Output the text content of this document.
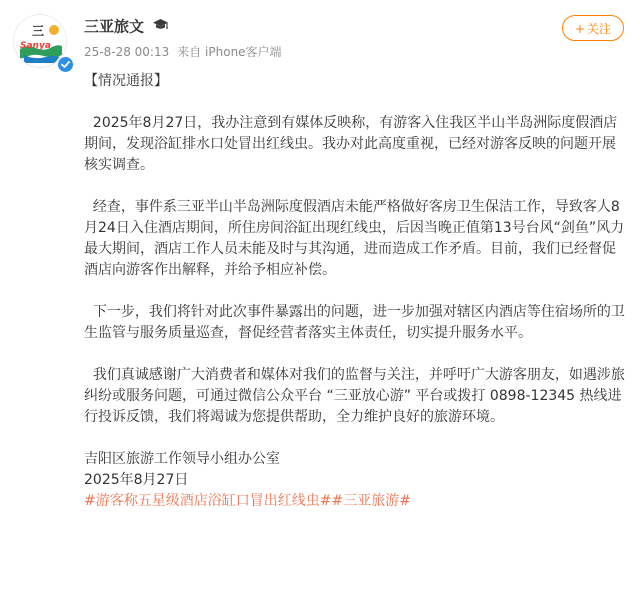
Sanya
三	三亚旅文
25-8-28 00:13 来自 iPhone客户端
+ 关注

【情况通报】

2025年8月27日，我办注意到有媒体反映称，有游客入住我区半山半岛洲际度假酒店期间，发现浴缸排水口处冒出红线虫。我办对此高度重视，已经对游客反映的问题开展核实调查。

经查，事件系三亚半山半岛洲际度假酒店未能严格做好客房卫生保洁工作，导致客人8月24日入住酒店期间，所住房间浴缸出现红线虫，后因当晚正值第13号台风“剑鱼”风力最大期间，酒店工作人员未能及时与其沟通，进而造成工作矛盾。目前，我们已经督促酒店向游客作出解释，并给予相应补偿。

下一步，我们将针对此次事件暴露出的问题，进一步加强对辖区内酒店等住宿场所的卫生监管与服务质量巡查，督促经营者落实主体责任，切实提升服务水平。

我们真诚感谢广大消费者和媒体对我们的监督与关注，并呼吁广大游客朋友，如遇涉旅纠纷或服务问题，可通过微信公众平台 “三亚放心游” 平台或拨打 0898-12345 热线进行投诉反馈，我们将竭诚为您提供帮助，全力维护良好的旅游环境。

吉阳区旅游工作领导小组办公室

2025年8月27日

#游客称五星级酒店浴缸口冒出红线虫##三亚旅游#
